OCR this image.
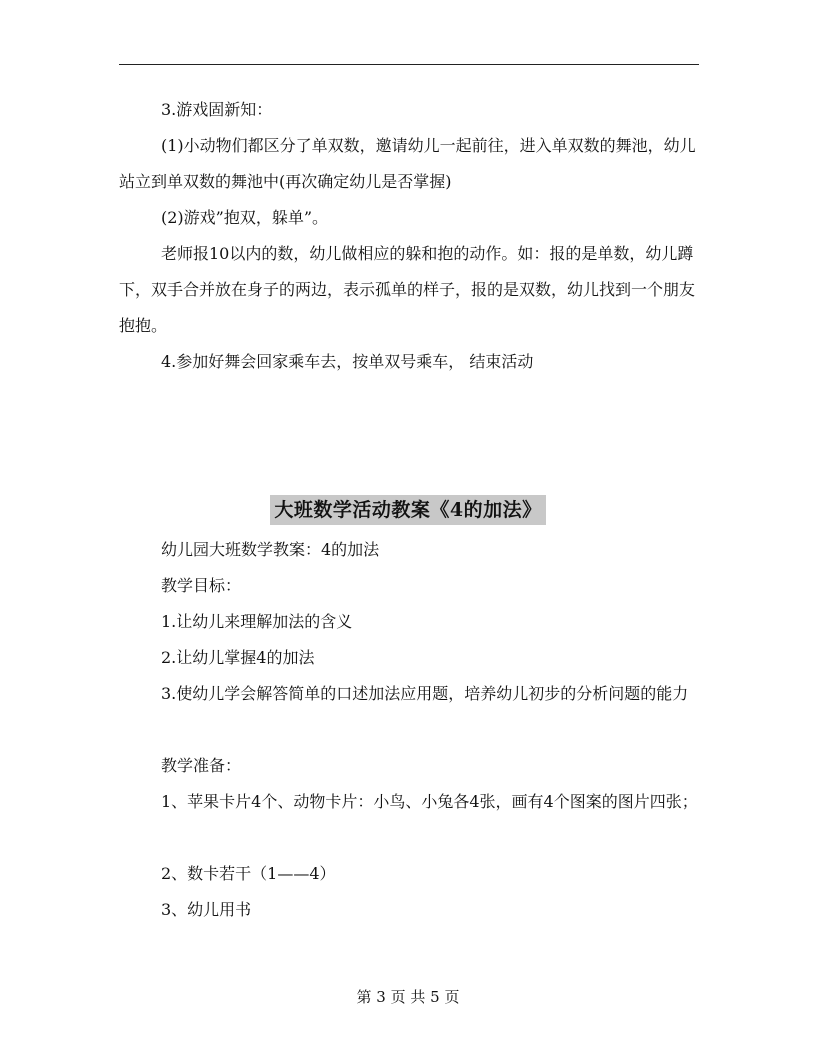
3.游戏固新知：

(1)小动物们都区分了单双数，邀请幼儿一起前往，进入单双数的舞池，幼儿站立到单双数的舞池中(再次确定幼儿是否掌握)

(2)游戏”抱双，躲单”。

老师报10以内的数，幼儿做相应的躲和抱的动作。如：报的是单数，幼儿蹲下，双手合并放在身子的两边，表示孤单的样子，报的是双数，幼儿找到一个朋友抱抱。

4.参加好舞会回家乘车去，按单双号乘车， 结束活动

大班数学活动教案《4的加法》

幼儿园大班数学教案：4的加法

教学目标：

1.让幼儿来理解加法的含义

2.让幼儿掌握4的加法

3.使幼儿学会解答简单的口述加法应用题，培养幼儿初步的分析问题的能力

教学准备：

1、苹果卡片4个、动物卡片：小鸟、小兔各4张，画有4个图案的图片四张；

2、数卡若干（1——4）

3、幼儿用书

第 3 页 共 5 页
